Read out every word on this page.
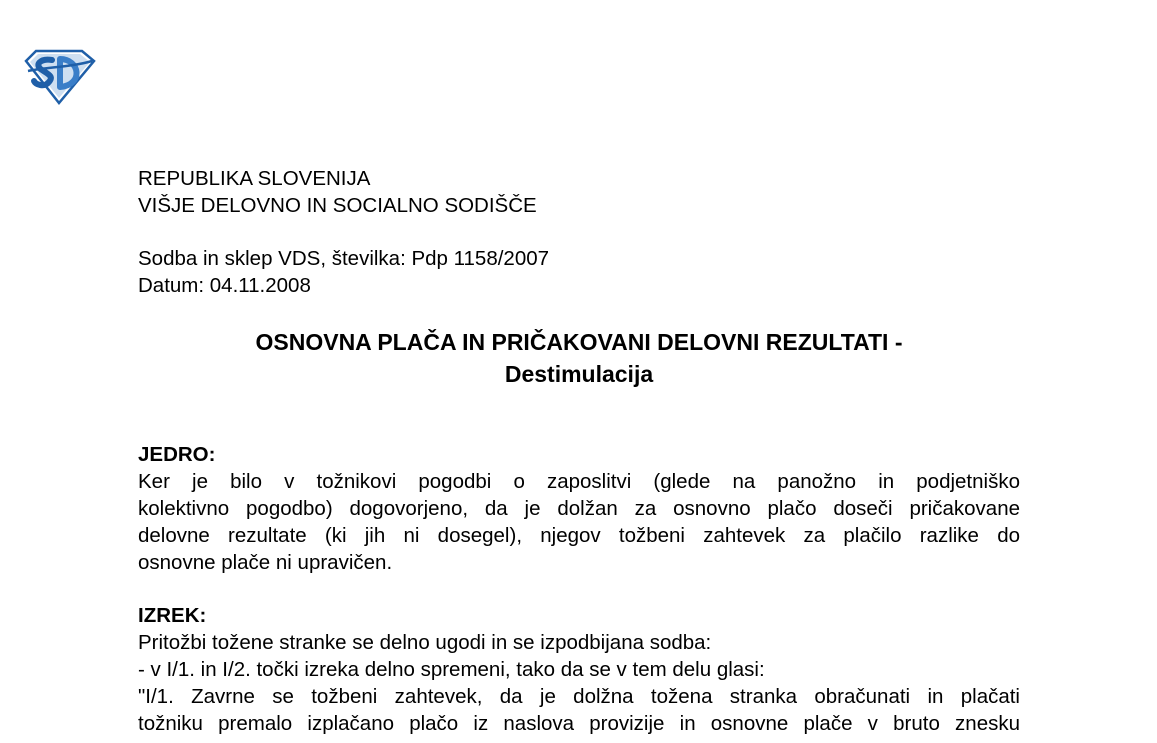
REPUBLIKA SLOVENIJA

VIŠJE DELOVNO IN SOCIALNO SODIŠČE

Sodba in sklep VDS, številka: Pdp 1158/2007

Datum: 04.11.2008

OSNOVNA PLAČA IN PRIČAKOVANI DELOVNI REZULTATI -
Destimulacija
JEDRO:
Ker je bilo v tožnikovi pogodbi o zaposlitvi (glede na panožno in podjetniško
kolektivno pogodbo) dogovorjeno, da je dolžan za osnovno plačo doseči pričakovane
delovne rezultate (ki jih ni dosegel), njegov tožbeni zahtevek za plačilo razlike do
osnovne plače ni upravičen.
IZREK:
Pritožbi tožene stranke se delno ugodi in se izpodbijana sodba:
- v I/1. in I/2. točki izreka delno spremeni, tako da se v tem delu glasi:
"I/1. Zavrne se tožbeni zahtevek, da je dolžna tožena stranka obračunati in plačati
tožniku premalo izplačano plačo iz naslova provizije in osnovne plače v bruto znesku
